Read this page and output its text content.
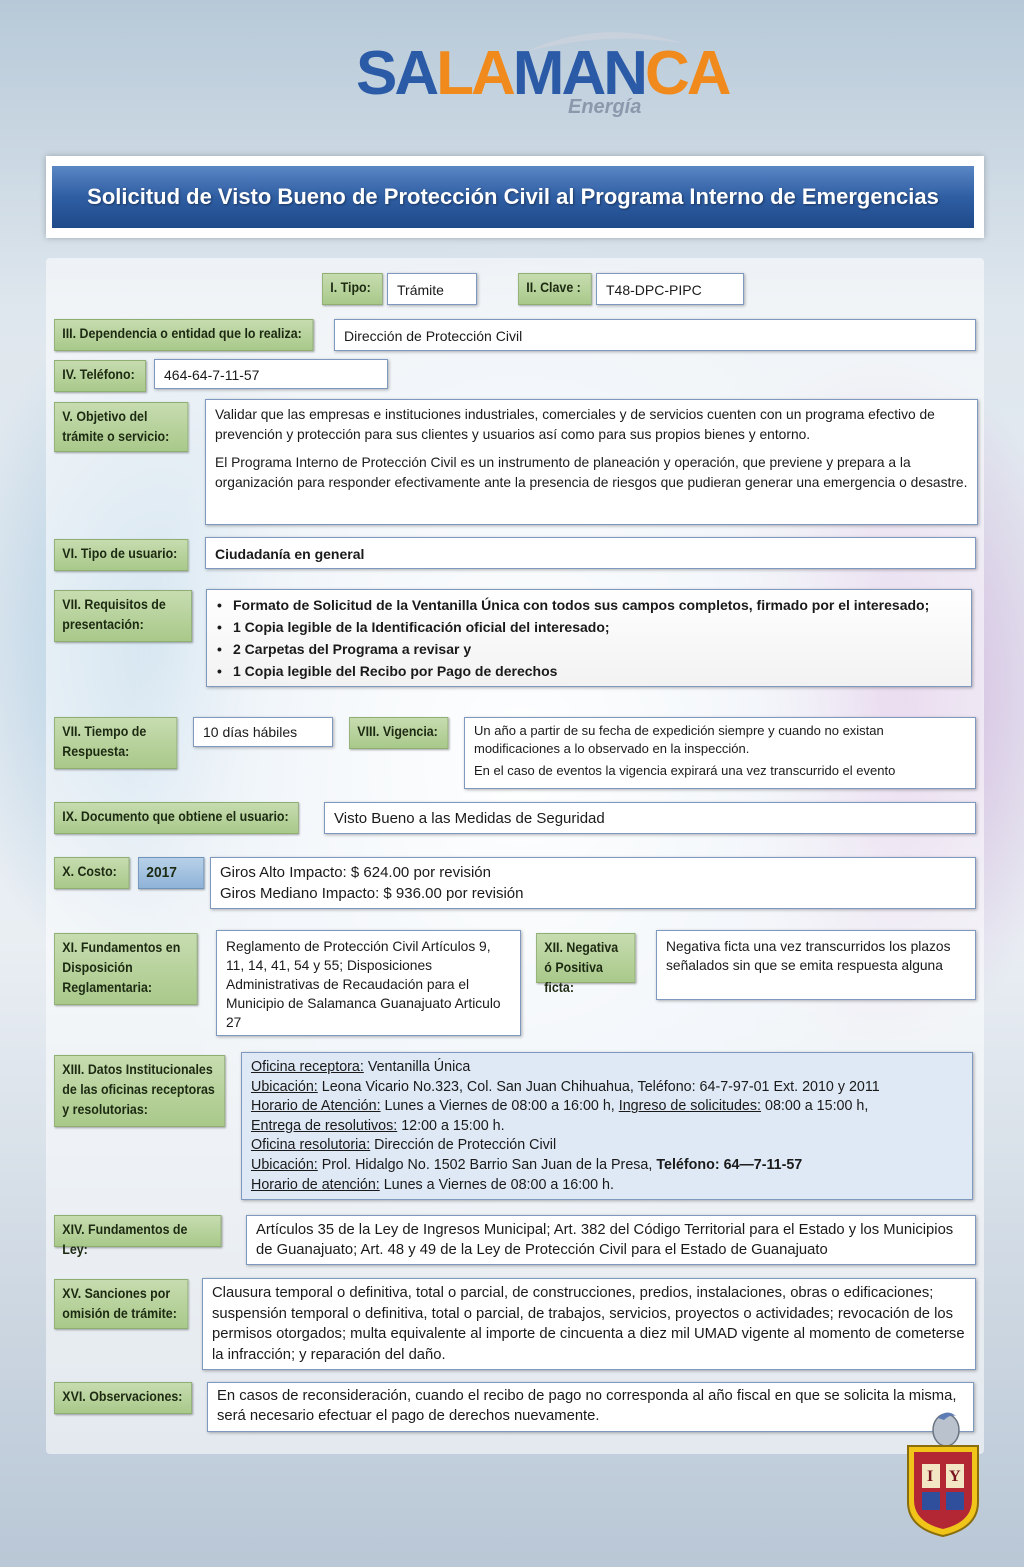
SALAMANCA
Energía
Solicitud de Visto Bueno de Protección Civil al Programa Interno de Emergencias
I. Tipo:	Trámite	II. Clave :	T48-DPC-PIPC
III. Dependencia o entidad que lo realiza:	Dirección de Protección Civil
IV. Teléfono:	464-64-7-11-57
V. Objetivo del trámite o servicio:

Validar que las empresas e instituciones industriales, comerciales y de servicios cuenten con un programa efectivo de prevención y protección para sus clientes y usuarios así como para sus propios bienes y entorno.

El Programa Interno de Protección Civil es un instrumento de planeación y operación, que previene y prepara a la organización para responder efectivamente ante la presencia de riesgos que pudieran generar una emergencia o desastre.

VI. Tipo de usuario:	Ciudadanía en general
VII. Requisitos de presentación:
• Formato de Solicitud de la Ventanilla Única con todos sus campos completos, firmado por el interesado;
• 1 Copia legible de la Identificación oficial del interesado;
• 2 Carpetas del Programa a revisar y
• 1 Copia legible del Recibo por Pago de derechos
VII. Tiempo de Respuesta:
10 días hábiles	VIII. Vigencia:	Un año a partir de su fecha de expedición siempre y cuando no existan modificaciones a lo observado en la inspección.

En el caso de eventos la vigencia expirará una vez transcurrido el evento

IX. Documento que obtiene el usuario:	Visto Bueno a las Medidas de Seguridad
X. Costo:	2017	Giros Alto Impacto: $ 624.00 por revisión

Giros Mediano Impacto: $ 936.00 por revisión

XI. Fundamentos en Disposición Reglamentaria:
Reglamento de Protección Civil Artículos 9, 11, 14, 41, 54 y 55; Disposiciones Administrativas de Recaudación para el Municipio de Salamanca Guanajuato Articulo 27
XII. Negativa ó Positiva ficta:
Negativa ficta una vez transcurridos los plazos señalados sin que se emita respuesta alguna
XIII. Datos Institucionales de las oficinas receptoras y resolutorias:

Oficina receptora: Ventanilla Única

Ubicación: Leona Vicario No.323, Col. San Juan Chihuahua, Teléfono: 64-7-97-01 Ext. 2010 y 2011

Horario de Atención: Lunes a Viernes de 08:00 a 16:00 h, Ingreso de solicitudes: 08:00 a 15:00 h,

Entrega de resolutivos: 12:00 a 15:00 h.

Oficina resolutoria: Dirección de Protección Civil

Ubicación: Prol. Hidalgo No. 1502 Barrio San Juan de la Presa, Teléfono: 64—7-11-57

Horario de atención: Lunes a Viernes de 08:00 a 16:00 h.

XIV. Fundamentos de Ley:
Artículos 35 de la Ley de Ingresos Municipal; Art. 382 del Código Territorial para el Estado y los Municipios de Guanajuato; Art. 48 y 49 de la Ley de Protección Civil para el Estado de Guanajuato
XV. Sanciones por omisión de trámite:
Clausura temporal o definitiva, total o parcial, de construcciones, predios, instalaciones, obras o edificaciones; suspensión temporal o definitiva, total o parcial, de trabajos, servicios, proyectos o actividades; revocación de los permisos otorgados; multa equivalente al importe de cincuenta a diez mil UMAD vigente al momento de cometerse la infracción; y reparación del daño.
XVI. Observaciones:	En casos de reconsideración, cuando el recibo de pago no corresponda al año fiscal en que se solicita la misma, será necesario efectuar el pago de derechos nuevamente.
I Y
